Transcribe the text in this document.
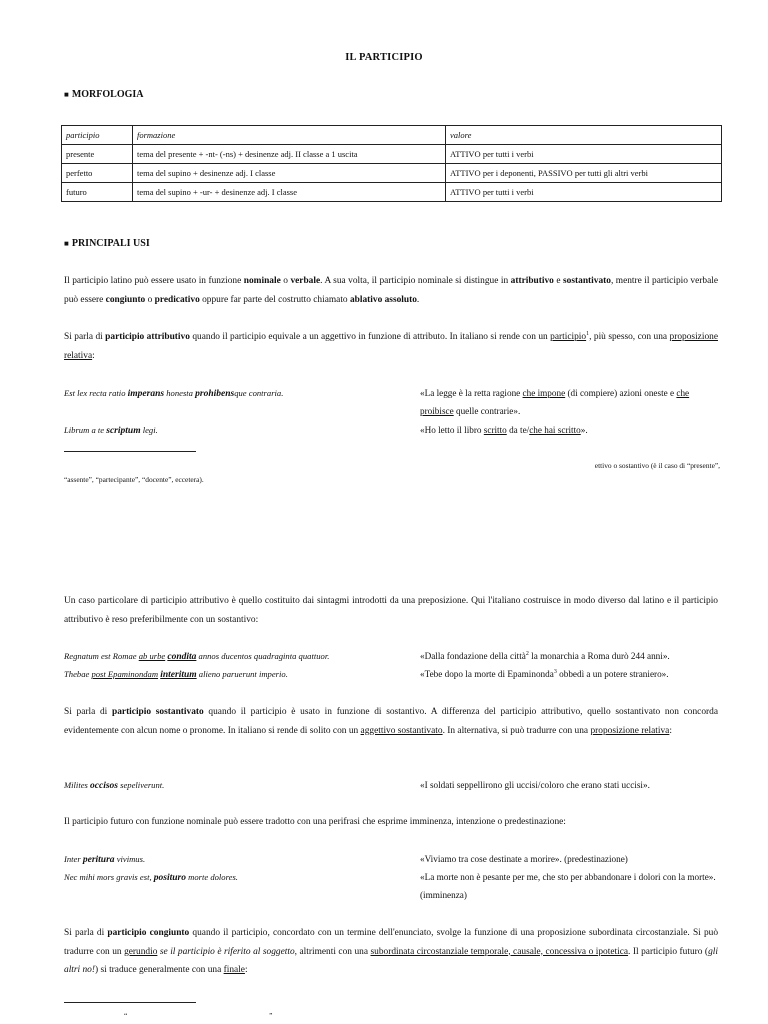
IL PARTICIPIO
■ MORFOLOGIA
participio	formazione	valore
presente	tema del presente + -nt- (-ns) + desinenze adj. II classe a 1 uscita	ATTIVO per tutti i verbi
perfetto	tema del supino + desinenze adj. I classe	ATTIVO per i deponenti, PASSIVO per tutti gli altri verbi
futuro	tema del supino + -ur- + desinenze adj. I classe	ATTIVO per tutti i verbi
■ PRINCIPALI USI

Il participio latino può essere usato in funzione nominale o verbale. A sua volta, il participio nominale si distingue in attributivo e sostantivato, mentre il participio verbale può essere congiunto o predicativo oppure far parte del costrutto chiamato ablativo assoluto.

Si parla di participio attributivo quando il participio equivale a un aggettivo in funzione di attributo. In italiano si rende con un participio$^1$, più spesso, con una proposizione relativa:

Est lex recta ratio imperans honesta prohibensque contraria.	«La legge è la retta ragione che impone (di compiere) azioni oneste e che proibisce quelle contrarie».
Librum a te scriptum legi.	«Ho letto il libro scritto da te/che hai scritto».
ettivo o sostantivo (è il caso di “presente”,
“assente”, “partecipante”, “docente”, eccetera).

Un caso particolare di participio attributivo è quello costituito dai sintagmi introdotti da una preposizione. Qui l'italiano costruisce in modo diverso dal latino e il participio attributivo è reso preferibilmente con un sostantivo:

Regnatum est Romae ab urbe condita annos ducentos quadraginta quattuor.	«Dalla fondazione della città$^2$ la monarchia a Roma durò 244 anni».
Thebae post Epaminondam interitum alieno paruerunt imperio.	«Tebe dopo la morte di Epaminonda$^3$ obbedì a un potere straniero».

Si parla di participio sostantivato quando il participio è usato in funzione di sostantivo. A differenza del participio attributivo, quello sostantivato non concorda evidentemente con alcun nome o pronome. In italiano si rende di solito con un aggettivo sostantivato. In alternativa, si può tradurre con una proposizione relativa:

Milites occisos sepeliverunt.	«I soldati seppellirono gli uccisi/coloro che erano stati uccisi».

Il participio futuro con funzione nominale può essere tradotto con una perifrasi che esprime imminenza, intenzione o predestinazione:

Inter peritura vivimus.	«Viviamo tra cose destinate a morire». (predestinazione)
Nec mihi mors gravis est, posituro morte dolores.	«La morte non è pesante per me, che sto per abbandonare i dolori con la morte». (imminenza)

Si parla di participio congiunto quando il participio, concordato con un termine dell'enunciato, svolge la funzione di una proposizione subordinata circostanziale. Si può tradurre con un gerundio se il participio è riferito al soggetto, altrimenti con una subordinata circostanziale temporale, causale, concessiva o ipotetica. Il participio futuro (gli altri no!) si traduce generalmente con una finale:

“ ”
